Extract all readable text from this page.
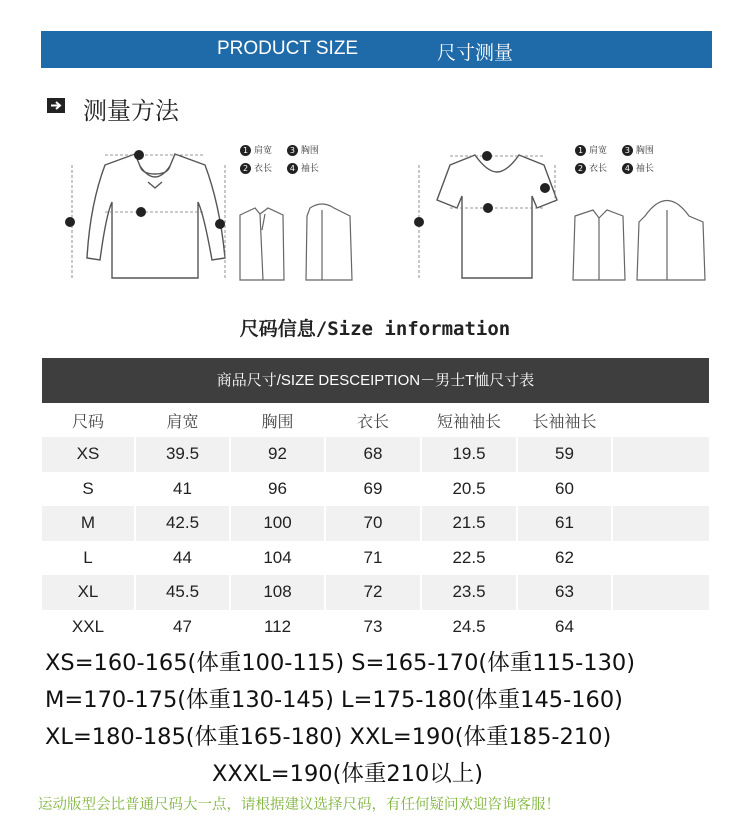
PRODUCT SIZE	尺寸测量
测量方法
1 肩宽 3 胸围
2 衣长 4 袖长
1 肩宽 3 胸围
2 衣长 4 袖长
尺码信息/Size information
商品尺寸/SIZE DESCEIPTION－男士T恤尺寸表
尺码	肩宽	胸围	衣长	短袖袖长	长袖袖长
XS	39.5	92	68	19.5	59
S	41	96	69	20.5	60
M	42.5	100	70	21.5	61
L	44	104	71	22.5	62
XL	45.5	108	72	23.5	63
XXL	47	112	73	24.5	64
XS=160-165(体重100-115) S=165-170(体重115-130)
M=170-175(体重130-145) L=175-180(体重145-160)
XL=180-185(体重165-180) XXL=190(体重185-210)
XXXL=190(体重210以上)
运动版型会比普通尺码大一点，请根据建议选择尺码，有任何疑问欢迎咨询客服！
